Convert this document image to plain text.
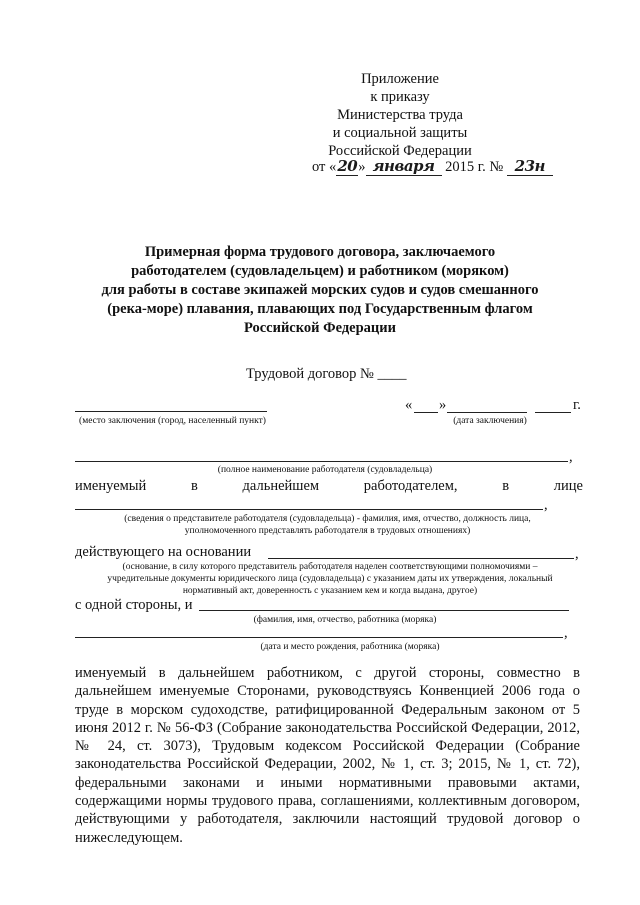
Приложение
к приказу
Министерства труда
и социальной защиты
Российской Федерации
от «20» января 2015 г. № 23н
Примерная форма трудового договора, заключаемого
работодателем (судовладельцем) и работником (моряком)
для работы в составе экипажей морских судов и судов смешанного
(река-море) плавания, плавающих под Государственным флагом
Российской Федерации
Трудовой договор № ____
(место заключения (город, населенный пункт)
« »	г.
(дата заключения)
,
(полное наименование работодателя (судовладельца)
именуемый	в	дальнейшем	работодателем,	в	лице
,
(сведения о представителе работодателя (судовладельца) - фамилия, имя, отчество, должность лица,
уполномоченного представлять работодателя в трудовых отношениях)
действующего на основании	,
(основание, в силу которого представитель работодателя наделен соответствующими полномочиями –
учредительные документы юридического лица (судовладельца) с указанием даты их утверждения, локальный
нормативный акт, доверенность с указанием кем и когда выдана, другое)
с одной стороны, и
(фамилия, имя, отчество, работника (моряка)
,
(дата и место рождения, работника (моряка)
именуемый в дальнейшем работником, с другой стороны, совместно в дальнейшем именуемые Сторонами, руководствуясь Конвенцией 2006 года о труде в морском судоходстве, ратифицированной Федеральным законом от 5 июня 2012 г. № 56-ФЗ (Собрание законодательства Российской Федерации, 2012, № 24, ст. 3073), Трудовым кодексом Российской Федерации (Собрание законодательства Российской Федерации, 2002, № 1, ст. 3; 2015, № 1, ст. 72), федеральными законами и иными нормативными правовыми актами, содержащими нормы трудового права, соглашениями, коллективным договором, действующими у работодателя, заключили настоящий трудовой договор о нижеследующем.
